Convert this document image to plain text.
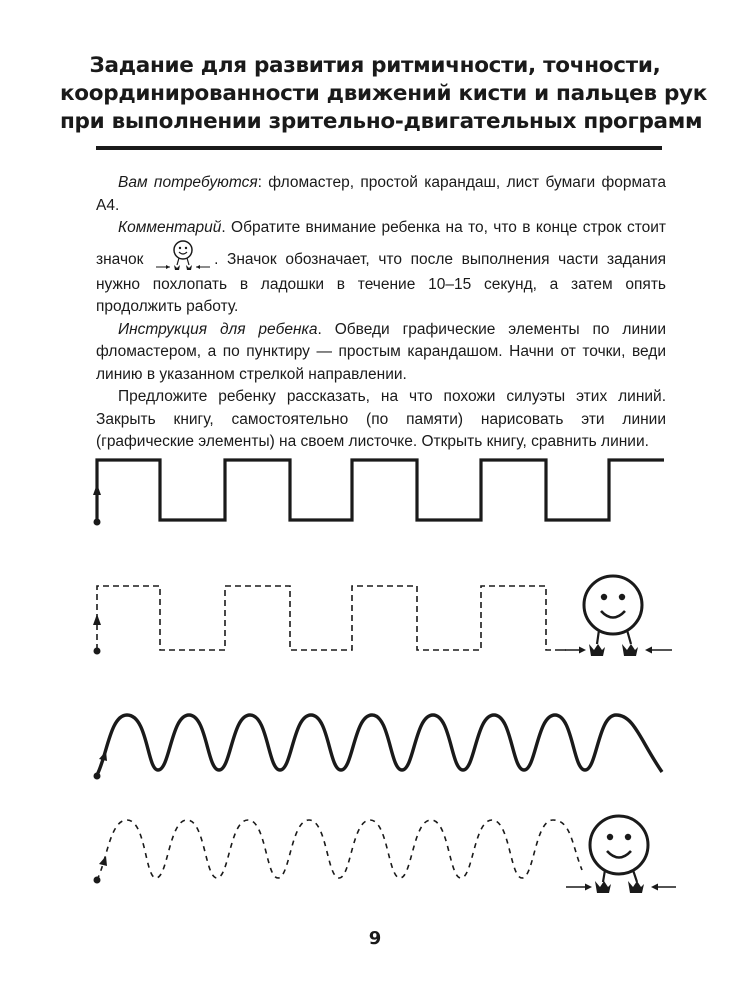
Задание для развития ритмичности, точности,
координированности движений кисти и пальцев рук
при выполнении зрительно-двигательных программ

Вам потребуются: фломастер, простой карандаш, лист бумаги формата А4.

Комментарий. Обратите внимание ребенка на то, что в конце строк стоит значок	. Значок обозначает, что после выполнения части задания нужно похлопать в ладошки в течение 10–15 секунд, а затем опять продолжить работу.

Инструкция для ребенка. Обведи графические элементы по линии фломастером, а по пунктиру — простым карандашом. Начни от точки, веди линию в указанном стрелкой направлении.

Предложите ребенку рассказать, на что похожи силуэты этих линий. Закрыть книгу, самостоятельно (по памяти) нарисовать эти линии (графические элементы) на своем листочке. Открыть книгу, сравнить линии.

9
